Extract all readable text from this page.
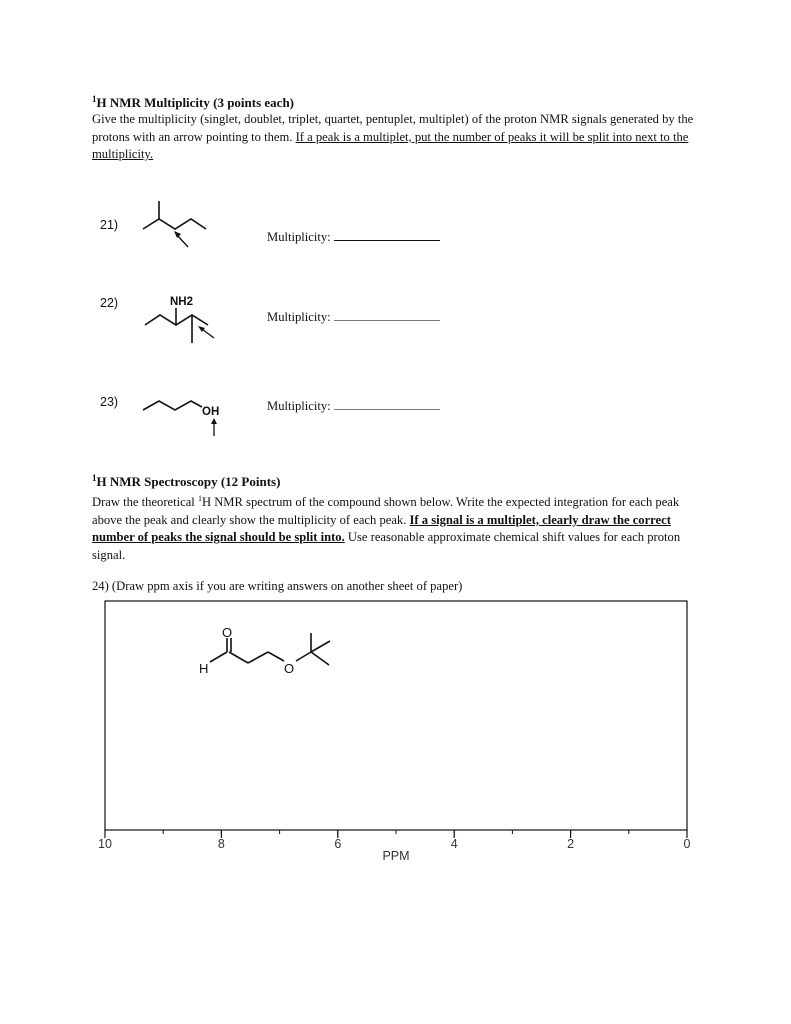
$^1$H NMR Multiplicity (3 points each)
Give the multiplicity (singlet, doublet, triplet, quartet, pentuplet, multiplet) of the proton NMR signals generated by the protons with an arrow pointing to them. If a peak is a multiplet, put the number of peaks it will be split into next to the multiplicity.
21)
Multiplicity:
22)	NH2
Multiplicity:
23)
OH	Multiplicity:
$^1$H NMR Spectroscopy (12 Points)
Draw the theoretical $^1$H NMR spectrum of the compound shown below. Write the expected integration for each peak above the peak and clearly show the multiplicity of each peak. If a signal is a multiplet, clearly draw the correct number of peaks the signal should be split into. Use reasonable approximate chemical shift values for each proton signal.
24) (Draw ppm axis if you are writing answers on another sheet of paper)
O
H	O
10	8	6	4	2	0
PPM
